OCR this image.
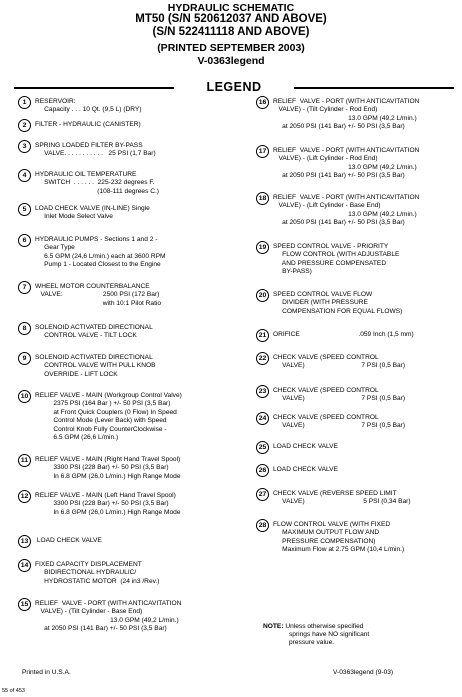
HYDRAULIC SCHEMATIC
MT50 (S/N 520612037 AND ABOVE)
(S/N 522411118 AND ABOVE)
(PRINTED SEPTEMBER 2003)
V-0363legend
LEGEND
1	RESERVOIR:
Capacity . . . 10 Qt. (9,5 L) (DRY)
2	FILTER - HYDRAULIC (CANISTER)
3	SPRING LOADED FILTER BY-PASS
VALVE. . . . . . . . . . .   25 PSI (1,7 Bar)
4	HYDRAULIC OIL TEMPERATURE
SWITCH  . . . . . .  225-232 degrees F.
(108-111 degrees C.)
5	LOAD CHECK VALVE (IN-LINE) Single
Inlet Mode Select Valve
6	HYDRAULIC PUMPS - Sections 1 and 2 -
Gear Type
6.5 GPM (24,6 L/min.) each at 3600 RPM
Pump 1 - Located Closest to the Engine
7	WHEEL MOTOR COUNTERBALANCE
VALVE:                      2500 PSI (172 Bar)
with 10:1 Pilot Ratio
8	SOLENOID ACTIVATED DIRECTIONAL
CONTROL VALVE - TILT LOCK
9	SOLENOID ACTIVATED DIRECTIONAL
CONTROL VALVE WITH PULL KNOB
OVERRIDE - LIFT LOCK
10	RELIEF VALVE - MAIN (Workgroup Control Valve)
2375 PSI (164 Bar ) +/- 50 PSI (3,5 Bar)
at Front Quick Couplers (0 Flow) In Speed
Control Mode (Lever Back) with Speed
Control Knob Fully CounterClockwise -
6.5 GPM (26,6 L/min.)
11	RELIEF VALVE - MAIN (Right Hand Travel Spool)
3300 PSI (228 Bar) +/- 50 PSI (3,5 Bar)
In 6.8 GPM (26,0 L/min.) High Range Mode
12	RELIEF VALVE - MAIN (Left Hand Travel Spool)
3300 PSI (228 Bar) +/- 50 PSI (3,5 Bar)
In 6.8 GPM (26,0 L/min.) High Range Mode
13	LOAD CHECK VALVE
14	FIXED CAPACITY DISPLACEMENT
BIDIRECTIONAL HYDRAULIC/
HYDROSTATIC MOTOR  (24 in3 /Rev.)
15	RELIEF  VALVE - PORT (WITH ANTICAVITATION
VALVE) - (Tilt Cylinder - Base End)
13.0 GPM (49,2 L/min.)
at 2050 PSI (141 Bar) +/- 50 PSI (3,5 Bar)
16	RELIEF  VALVE - PORT (WITH ANTICAVITATION
VALVE) - (Tilt Cylinder - Rod End)
13.0 GPM (49,2 L/min.)
at 2050 PSI (141 Bar) +/- 50 PSI (3,5 Bar)
17	RELIEF  VALVE - PORT (WITH ANTICAVITATION
VALVE) - (Lift Cylinder - Rod End)
13.0 GPM (49,2 L/min.)
at 2050 PSI (141 Bar) +/- 50 PSI (3,5 Bar)
18	RELIEF  VALVE - PORT (WITH ANTICAVITATION
VALVE) - (Lift Cylinder - Base End)
13.0 GPM (49,2 L/min.)
at 2050 PSI (141 Bar) +/- 50 PSI (3,5 Bar)
19	SPEED CONTROL VALVE - PRIORITY
FLOW CONTROL (WITH ADJUSTABLE
AND PRESSURE COMPENSATED
BY-PASS)
20	SPEED CONTROL VALVE FLOW
DIVIDER (WITH PRESSURE
COMPENSATION FOR EQUAL FLOWS)
21	ORIFICE                                .059 Inch (1,5 mm)
22	CHECK VALVE (SPEED CONTROL
VALVE)                               7 PSI (0,5 Bar)
23	CHECK VALVE (SPEED CONTROL
VALVE)                               7 PSI (0,5 Bar)
24	CHECK VALVE (SPEED CONTROL
VALVE)                               7 PSI (0,5 Bar)
25	LOAD CHECK VALVE
26	LOAD CHECK VALVE
27	CHECK VALVE (REVERSE SPEED LIMIT
VALVE)                                5 PSI (0,34 Bar)
28	FLOW CONTROL VALVE (WITH FIXED
MAXIMUM OUTPUT FLOW AND
PRESSURE COMPENSATION)
Maximum Flow at 2.75 GPM (10,4 L/min.)
NOTE: Unless otherwise specified
springs have NO significant
pressure value.
Printed in U.S.A.	V-0363legend (9-03)
55 of 453
